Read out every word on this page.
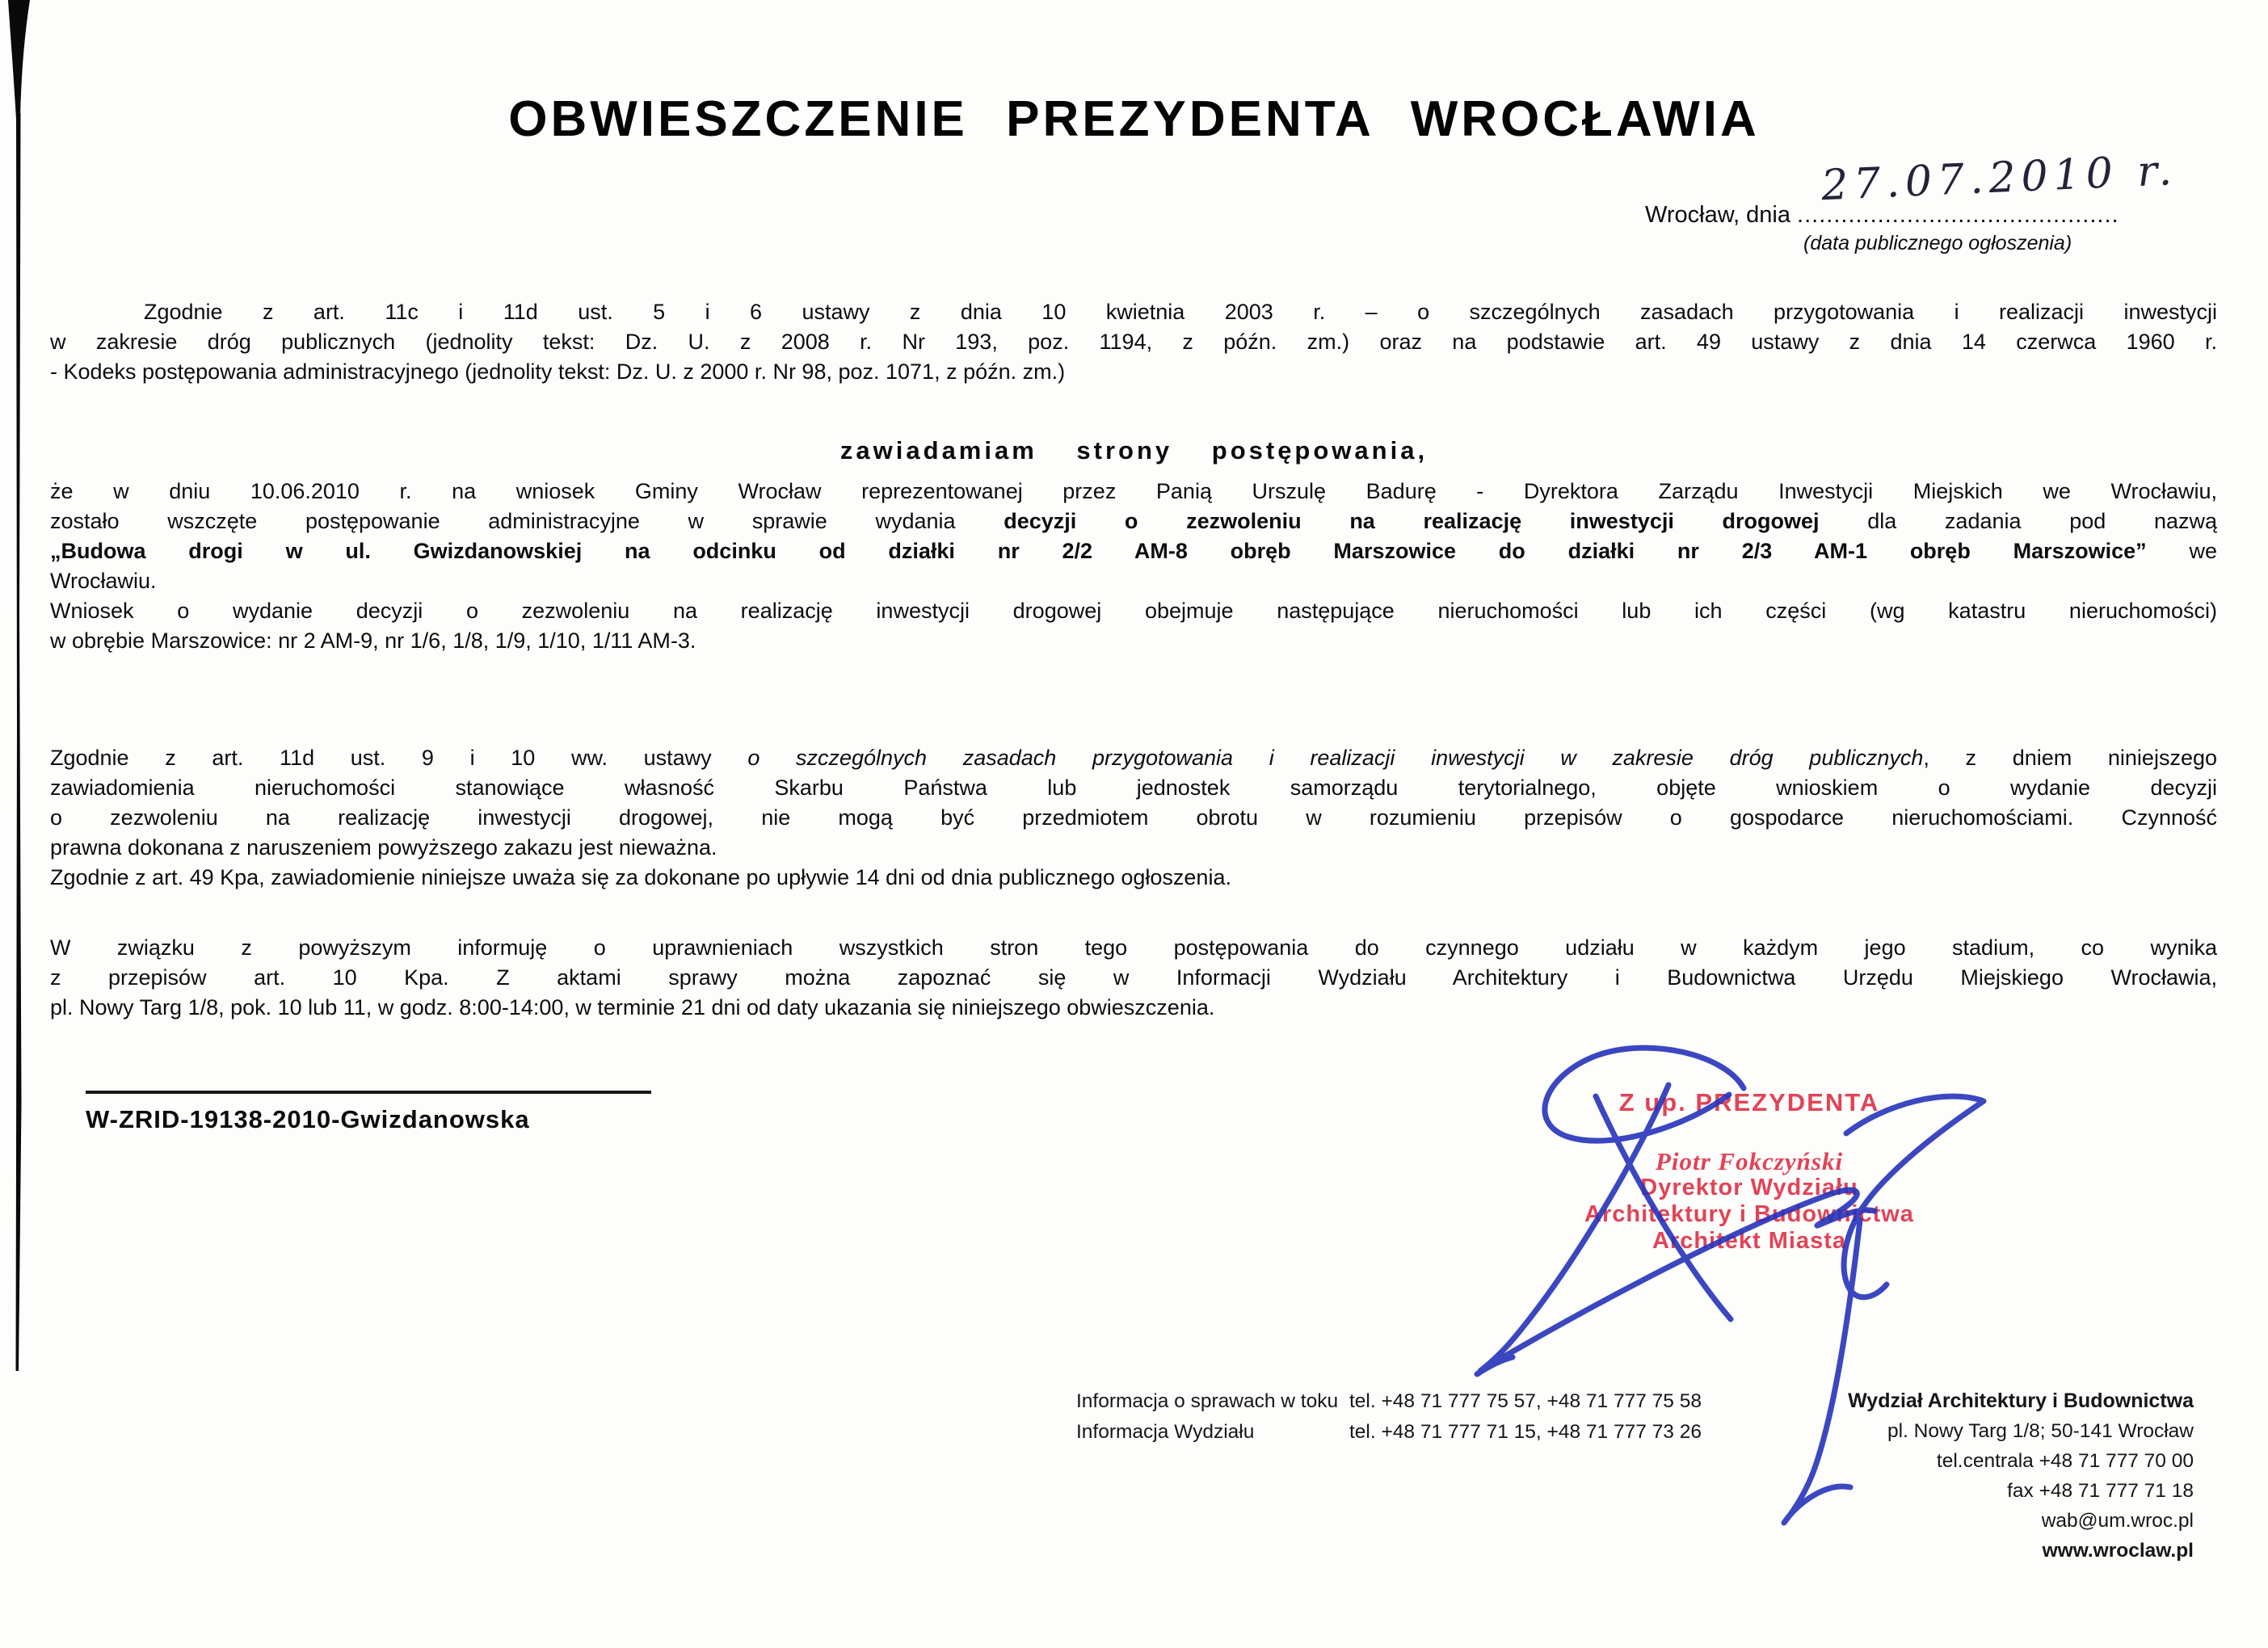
OBWIESZCZENIE PREZYDENTA WROCŁAWIA
Wrocław, dnia ............................................
27.07.2010 r.
(data publicznego ogłoszenia)
Zgodnie z art. 11c i 11d ust. 5 i 6 ustawy z dnia 10 kwietnia 2003 r. – o szczególnych zasadach przygotowania i realizacji inwestycji
w zakresie dróg publicznych (jednolity tekst: Dz. U. z 2008 r. Nr 193, poz. 1194, z późn. zm.) oraz na podstawie art. 49 ustawy z dnia 14 czerwca 1960 r.
- Kodeks postępowania administracyjnego (jednolity tekst: Dz. U. z 2000 r. Nr 98, poz. 1071, z późn. zm.)
zawiadamiam strony postępowania,
że w dniu 10.06.2010 r. na wniosek Gminy Wrocław reprezentowanej przez Panią Urszulę Badurę - Dyrektora Zarządu Inwestycji Miejskich we Wrocławiu,
zostało wszczęte postępowanie administracyjne w sprawie wydania decyzji o zezwoleniu na realizację inwestycji drogowej dla zadania pod nazwą
„Budowa drogi w ul. Gwizdanowskiej na odcinku od działki nr 2/2 AM-8 obręb Marszowice do działki nr 2/3 AM-1 obręb Marszowice” we
Wrocławiu.
Wniosek o wydanie decyzji o zezwoleniu na realizację inwestycji drogowej obejmuje następujące nieruchomości lub ich części (wg katastru nieruchomości)
w obrębie Marszowice: nr 2 AM-9, nr 1/6, 1/8, 1/9, 1/10, 1/11 AM-3.
Zgodnie z art. 11d ust. 9 i 10 ww. ustawy o szczególnych zasadach przygotowania i realizacji inwestycji w zakresie dróg publicznych, z dniem niniejszego
zawiadomienia nieruchomości stanowiące własność Skarbu Państwa lub jednostek samorządu terytorialnego, objęte wnioskiem o wydanie decyzji
o zezwoleniu na realizację inwestycji drogowej, nie mogą być przedmiotem obrotu w rozumieniu przepisów o gospodarce nieruchomościami. Czynność
prawna dokonana z naruszeniem powyższego zakazu jest nieważna.
Zgodnie z art. 49 Kpa, zawiadomienie niniejsze uważa się za dokonane po upływie 14 dni od dnia publicznego ogłoszenia.
W związku z powyższym informuję o uprawnieniach wszystkich stron tego postępowania do czynnego udziału w każdym jego stadium, co wynika
z przepisów art. 10 Kpa. Z aktami sprawy można zapoznać się w Informacji Wydziału Architektury i Budownictwa Urzędu Miejskiego Wrocławia,
pl. Nowy Targ 1/8, pok. 10 lub 11, w godz. 8:00-14:00, w terminie 21 dni od daty ukazania się niniejszego obwieszczenia.
W-ZRID-19138-2010-Gwizdanowska
Z up. PREZYDENTA
Piotr Fokczyński
Dyrektor Wydziału
Architektury i Budownictwa
Architekt Miasta
Informacja o sprawach w toku tel. +48 71 777 75 57, +48 71 777 75 58
Informacja Wydziału	tel. +48 71 777 71 15, +48 71 777 73 26
Wydział Architektury i Budownictwa
pl. Nowy Targ 1/8; 50-141 Wrocław
tel.centrala +48 71 777 70 00
fax +48 71 777 71 18
wab@um.wroc.pl
www.wroclaw.pl
